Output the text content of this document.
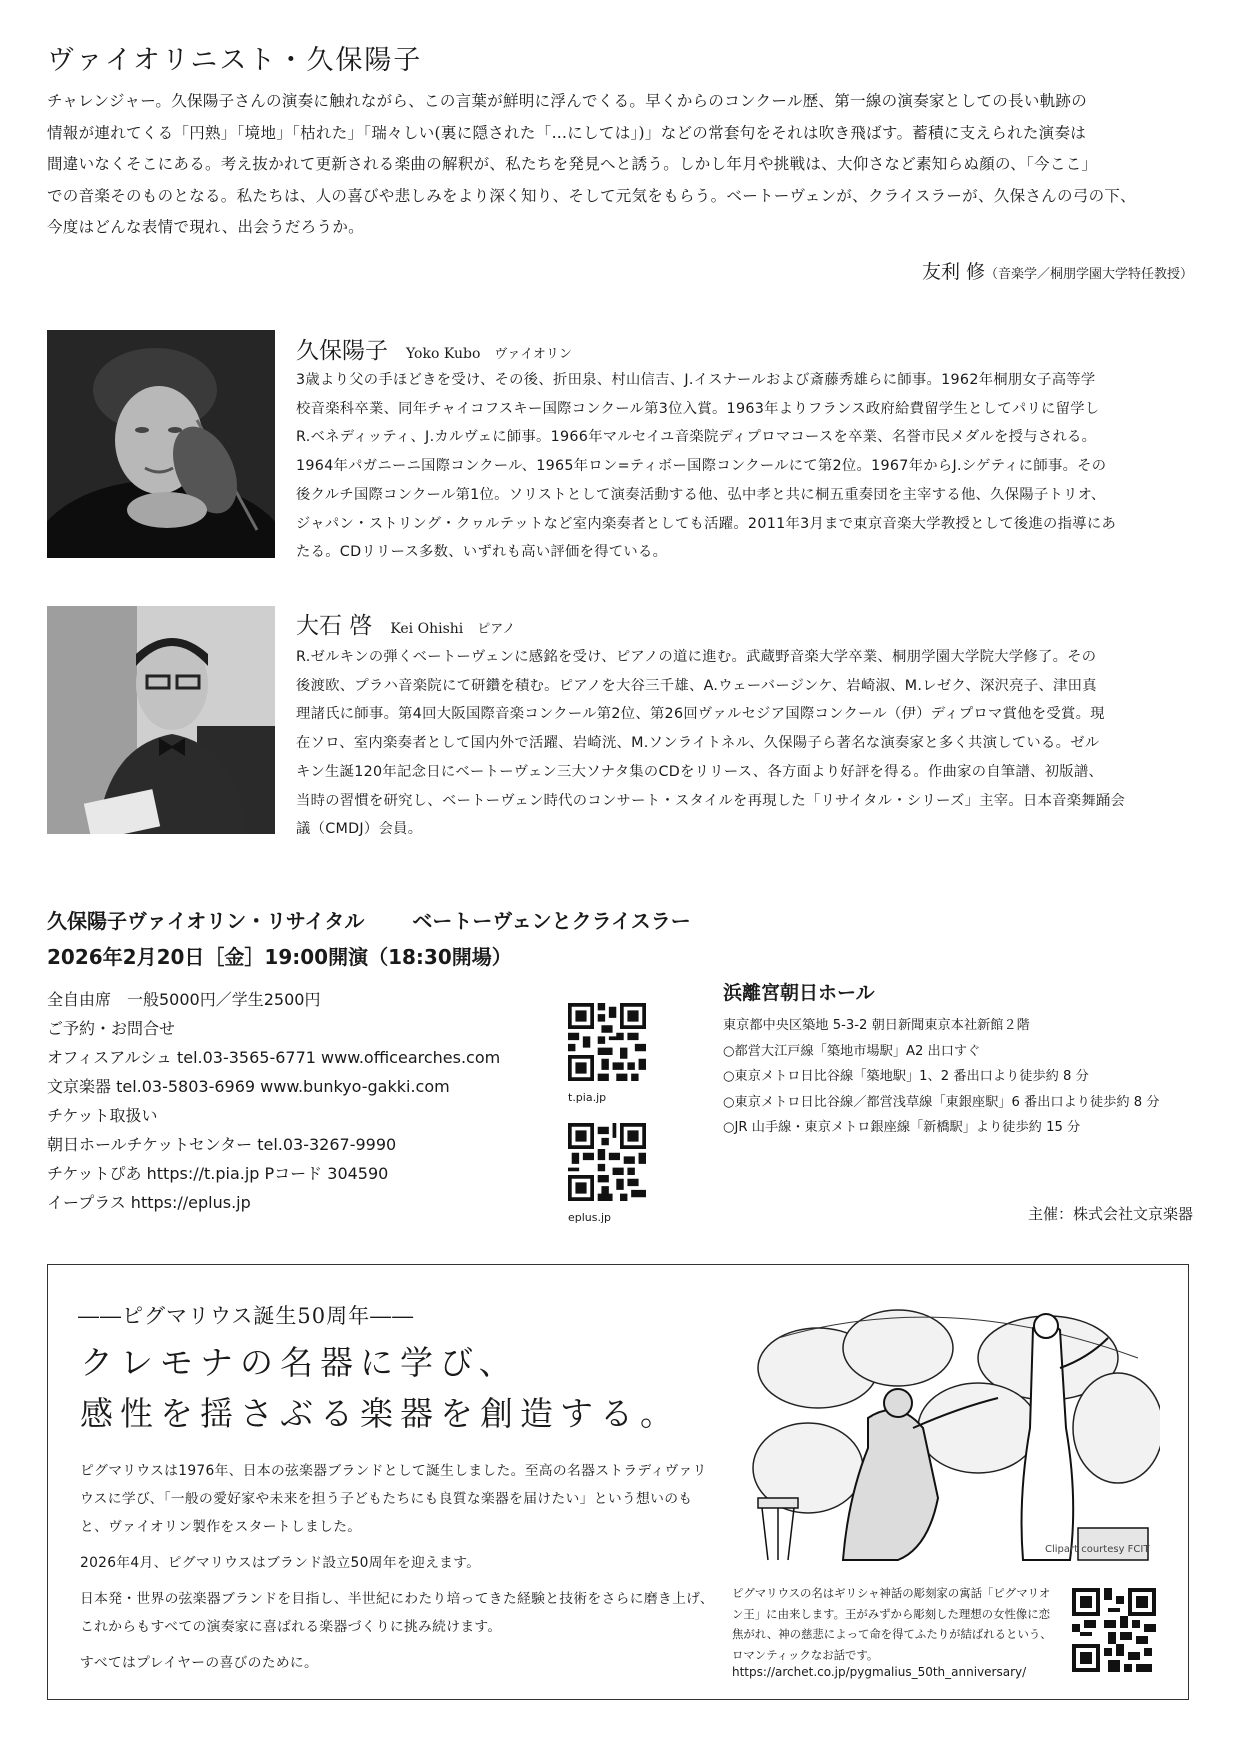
ヴァイオリニスト・久保陽子

チャレンジャー。久保陽子さんの演奏に触れながら、この言葉が鮮明に浮んでくる。早くからのコンクール歴、第一線の演奏家としての長い軌跡の

情報が連れてくる「円熟」「境地」「枯れた」「瑞々しい(裏に隠された「…にしては」)」などの常套句をそれは吹き飛ばす。蓄積に支えられた演奏は

間違いなくそこにある。考え抜かれて更新される楽曲の解釈が、私たちを発見へと誘う。しかし年月や挑戦は、大仰さなど素知らぬ顔の、「今ここ」

での音楽そのものとなる。私たちは、人の喜びや悲しみをより深く知り、そして元気をもらう。ベートーヴェンが、クライスラーが、久保さんの弓の下、

今度はどんな表情で現れ、出会うだろうか。

友利 修（音楽学／桐朋学園大学特任教授）
久保陽子 Yoko Kubo ヴァイオリン

3歳より父の手ほどきを受け、その後、折田泉、村山信吉、J.イスナールおよび斎藤秀雄らに師事。1962年桐朋女子高等学

校音楽科卒業、同年チャイコフスキー国際コンクール第3位入賞。1963年よりフランス政府給費留学生としてパリに留学し

R.ベネディッティ、J.カルヴェに師事。1966年マルセイユ音楽院ディプロマコースを卒業、名誉市民メダルを授与される。

1964年パガニーニ国際コンクール、1965年ロン=ティボー国際コンクールにて第2位。1967年からJ.シゲティに師事。その

後クルチ国際コンクール第1位。ソリストとして演奏活動する他、弘中孝と共に桐五重奏団を主宰する他、久保陽子トリオ、

ジャパン・ストリング・クヮルテットなど室内楽奏者としても活躍。2011年3月まで東京音楽大学教授として後進の指導にあ

たる。CDリリース多数、いずれも高い評価を得ている。

大石 啓 Kei Ohishi ピアノ

R.ゼルキンの弾くベートーヴェンに感銘を受け、ピアノの道に進む。武蔵野音楽大学卒業、桐朋学園大学院大学修了。その

後渡欧、プラハ音楽院にて研鑽を積む。ピアノを大谷三千雄、A.ウェーバージンケ、岩崎淑、M.レゼク、深沢亮子、津田真

理諸氏に師事。第4回大阪国際音楽コンクール第2位、第26回ヴァルセジア国際コンクール（伊）ディプロマ賞他を受賞。現

在ソロ、室内楽奏者として国内外で活躍、岩崎洸、M.ソンライトネル、久保陽子ら著名な演奏家と多く共演している。ゼル

キン生誕120年記念日にベートーヴェン三大ソナタ集のCDをリリース、各方面より好評を得る。作曲家の自筆譜、初版譜、

当時の習慣を研究し、ベートーヴェン時代のコンサート・スタイルを再現した「リサイタル・シリーズ」主宰。日本音楽舞踊会

議（CMDJ）会員。

久保陽子ヴァイオリン・リサイタル ベートーヴェンとクライスラー
2026年2月20日［金］19:00開演（18:30開場）
全自由席　一般5000円／学生2500円
ご予約・お問合せ
オフィスアルシュ tel.03-3565-6771 www.officearches.com
文京楽器 tel.03-5803-6969 www.bunkyo-gakki.com
チケット取扱い
朝日ホールチケットセンター tel.03-3267-9990
チケットぴあ https://t.pia.jp Pコード 304590
イープラス https://eplus.jp
t.pia.jp
eplus.jp
浜離宮朝日ホール
東京都中央区築地 5-3-2 朝日新聞東京本社新館２階
○都営大江戸線「築地市場駅」A2 出口すぐ
○東京メトロ日比谷線「築地駅」1、2 番出口より徒歩約 8 分
○東京メトロ日比谷線／都営浅草線「東銀座駅」6 番出口より徒歩約 8 分
○JR 山手線・東京メトロ銀座線「新橋駅」より徒歩約 15 分
主催：株式会社文京楽器
――ピグマリウス誕生50周年――
クレモナの名器に学び、
感性を揺さぶる楽器を創造する。

ピグマリウスは1976年、日本の弦楽器ブランドとして誕生しました。至高の名器ストラディヴァリウスに学び、「一般の愛好家や未来を担う子どもたちにも良質な楽器を届けたい」という想いのもと、ヴァイオリン製作をスタートしました。

2026年4月、ピグマリウスはブランド設立50周年を迎えます。

日本発・世界の弦楽器ブランドを目指し、半世紀にわたり培ってきた経験と技術をさらに磨き上げ、これからもすべての演奏家に喜ばれる楽器づくりに挑み続けます。

すべてはプレイヤーの喜びのために。

Clipart courtesy FCIT
ピグマリウスの名はギリシャ神話の彫刻家の寓話「ピグマリオン王」に由来します。王がみずから彫刻した理想の女性像に恋焦がれ、神の慈悲によって命を得てふたりが結ばれるという、ロマンティックなお話です。
https://archet.co.jp/pygmalius_50th_anniversary/
